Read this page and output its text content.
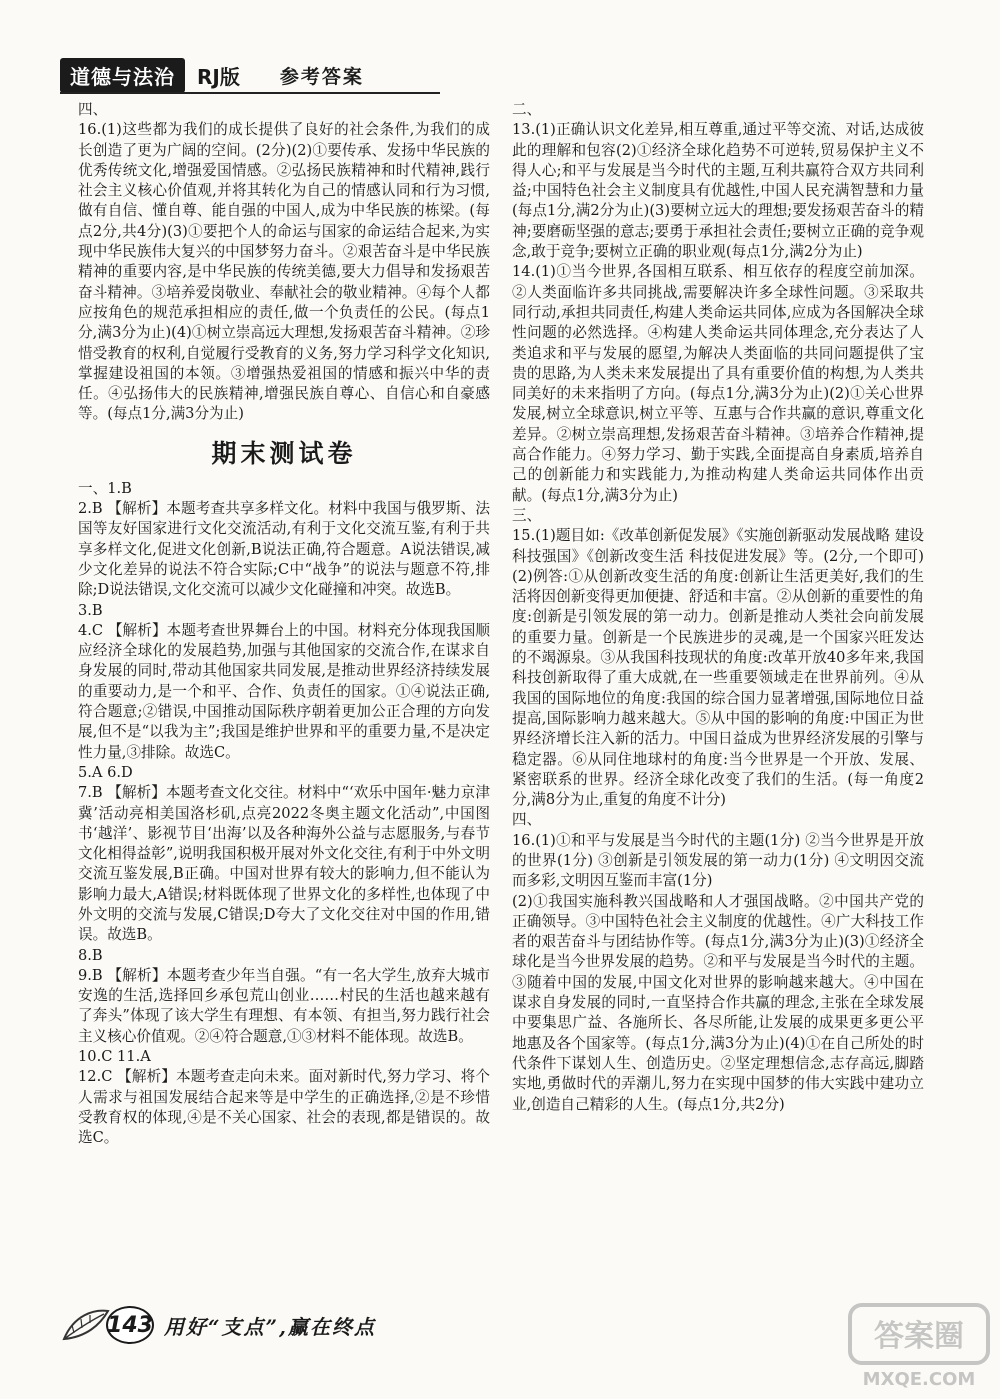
道德与法治	RJ版 参考答案

四、

16.(1)这些都为我们的成长提供了良好的社会条件,为我们的成长创造了更为广阔的空间。(2分)(2)①要传承、发扬中华民族的优秀传统文化,增强爱国情感。②弘扬民族精神和时代精神,践行社会主义核心价值观,并将其转化为自己的情感认同和行为习惯,做有自信、懂自尊、能自强的中国人,成为中华民族的栋梁。(每点2分,共4分)(3)①要把个人的命运与国家的命运结合起来,为实现中华民族伟大复兴的中国梦努力奋斗。②艰苦奋斗是中华民族精神的重要内容,是中华民族的传统美德,要大力倡导和发扬艰苦奋斗精神。③培养爱岗敬业、奉献社会的敬业精神。④每个人都应按角色的规范承担相应的责任,做一个负责任的公民。(每点1分,满3分为止)(4)①树立崇高远大理想,发扬艰苦奋斗精神。②珍惜受教育的权利,自觉履行受教育的义务,努力学习科学文化知识,掌握建设祖国的本领。③增强热爱祖国的情感和振兴中华的责任。④弘扬伟大的民族精神,增强民族自尊心、自信心和自豪感等。(每点1分,满3分为止)

期末测试卷

一、1.B

2.B 【解析】本题考查共享多样文化。材料中我国与俄罗斯、法国等友好国家进行文化交流活动,有利于文化交流互鉴,有利于共享多样文化,促进文化创新,B说法正确,符合题意。A说法错误,减少文化差异的说法不符合实际;C中“战争”的说法与题意不符,排除;D说法错误,文化交流可以减少文化碰撞和冲突。故选B。

3.B

4.C 【解析】本题考查世界舞台上的中国。材料充分体现我国顺应经济全球化的发展趋势,加强与其他国家的交流合作,在谋求自身发展的同时,带动其他国家共同发展,是推动世界经济持续发展的重要动力,是一个和平、合作、负责任的国家。①④说法正确,符合题意;②错误,中国推动国际秩序朝着更加公正合理的方向发展,但不是“以我为主”;我国是维护世界和平的重要力量,不是决定性力量,③排除。故选C。

5.A 6.D

7.B 【解析】本题考查文化交往。材料中“‘欢乐中国年·魅力京津冀’活动亮相美国洛杉矶,点亮2022冬奥主题文化活动”,中国图书‘越洋’、影视节目‘出海’以及各种海外公益与志愿服务,与春节文化相得益彰”,说明我国积极开展对外文化交往,有利于中外文明交流互鉴发展,B正确。中国对世界有较大的影响力,但不能认为影响力最大,A错误;材料既体现了世界文化的多样性,也体现了中外文明的交流与发展,C错误;D夸大了文化交往对中国的作用,错误。故选B。

8.B

9.B 【解析】本题考查少年当自强。“有一名大学生,放弃大城市安逸的生活,选择回乡承包荒山创业……村民的生活也越来越有了奔头”体现了该大学生有理想、有本领、有担当,努力践行社会主义核心价值观。②④符合题意,①③材料不能体现。故选B。

10.C 11.A

12.C 【解析】本题考查走向未来。面对新时代,努力学习、将个人需求与祖国发展结合起来等是中学生的正确选择,②是不珍惜受教育权的体现,④是不关心国家、社会的表现,都是错误的。故选C。

二、

13.(1)正确认识文化差异,相互尊重,通过平等交流、对话,达成彼此的理解和包容(2)①经济全球化趋势不可逆转,贸易保护主义不得人心;和平与发展是当今时代的主题,互利共赢符合双方共同利益;中国特色社会主义制度具有优越性,中国人民充满智慧和力量(每点1分,满2分为止)(3)要树立远大的理想;要发扬艰苦奋斗的精神;要磨砺坚强的意志;要勇于承担社会责任;要树立正确的竞争观念,敢于竞争;要树立正确的职业观(每点1分,满2分为止)

14.(1)①当今世界,各国相互联系、相互依存的程度空前加深。②人类面临许多共同挑战,需要解决许多全球性问题。③采取共同行动,承担共同责任,构建人类命运共同体,应成为各国解决全球性问题的必然选择。④构建人类命运共同体理念,充分表达了人类追求和平与发展的愿望,为解决人类面临的共同问题提供了宝贵的思路,为人类未来发展提出了具有重要价值的构想,为人类共同美好的未来指明了方向。(每点1分,满3分为止)(2)①关心世界发展,树立全球意识,树立平等、互惠与合作共赢的意识,尊重文化差异。②树立崇高理想,发扬艰苦奋斗精神。③培养合作精神,提高合作能力。④努力学习、勤于实践,全面提高自身素质,培养自己的创新能力和实践能力,为推动构建人类命运共同体作出贡献。(每点1分,满3分为止)

三、

15.(1)题目如:《改革创新促发展》《实施创新驱动发展战略 建设科技强国》《创新改变生活 科技促进发展》等。(2分,一个即可)(2)例答:①从创新改变生活的角度:创新让生活更美好,我们的生活将因创新变得更加便捷、舒适和丰富。②从创新的重要性的角度:创新是引领发展的第一动力。创新是推动人类社会向前发展的重要力量。创新是一个民族进步的灵魂,是一个国家兴旺发达的不竭源泉。③从我国科技现状的角度:改革开放40多年来,我国科技创新取得了重大成就,在一些重要领域走在世界前列。④从我国的国际地位的角度:我国的综合国力显著增强,国际地位日益提高,国际影响力越来越大。⑤从中国的影响的角度:中国正为世界经济增长注入新的活力。中国日益成为世界经济发展的引擎与稳定器。⑥从同住地球村的角度:当今世界是一个开放、发展、紧密联系的世界。经济全球化改变了我们的生活。(每一角度2分,满8分为止,重复的角度不计分)

四、

16.(1)①和平与发展是当今时代的主题(1分) ②当今世界是开放的世界(1分) ③创新是引领发展的第一动力(1分) ④文明因交流而多彩,文明因互鉴而丰富(1分)

(2)①我国实施科教兴国战略和人才强国战略。②中国共产党的正确领导。③中国特色社会主义制度的优越性。④广大科技工作者的艰苦奋斗与团结协作等。(每点1分,满3分为止)(3)①经济全球化是当今世界发展的趋势。②和平与发展是当今时代的主题。③随着中国的发展,中国文化对世界的影响越来越大。④中国在谋求自身发展的同时,一直坚持合作共赢的理念,主张在全球发展中要集思广益、各施所长、各尽所能,让发展的成果更多更公平地惠及各个国家等。(每点1分,满3分为止)(4)①在自己所处的时代条件下谋划人生、创造历史。②坚定理想信念,志存高远,脚踏实地,勇做时代的弄潮儿,努力在实现中国梦的伟大实践中建功立业,创造自己精彩的人生。(每点1分,共2分)

143 用好“支点”,赢在终点	答案圈
MXQE.COM
